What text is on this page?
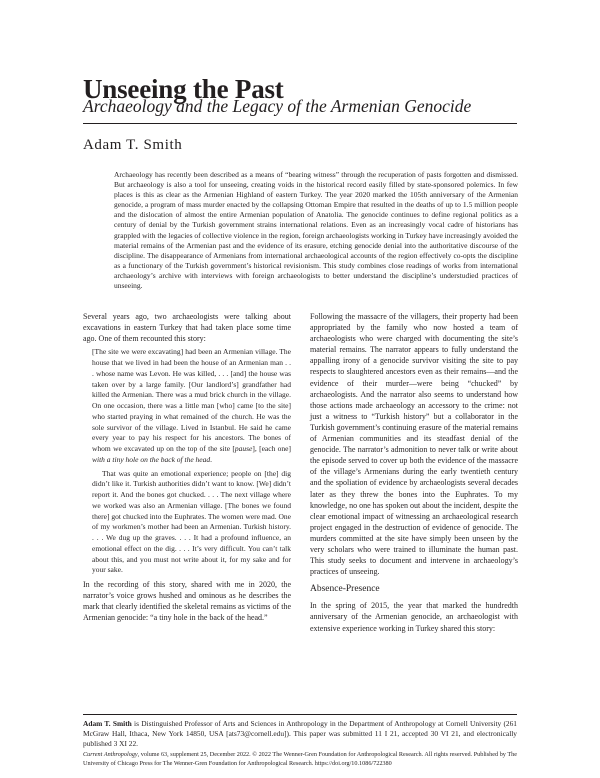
Unseeing the Past
Archaeology and the Legacy of the Armenian Genocide
Adam T. Smith

Archaeology has recently been described as a means of “bearing witness” through the recuperation of pasts forgotten and dismissed. But archaeology is also a tool for unseeing, creating voids in the historical record easily filled by state-sponsored polemics. In few places is this as clear as the Armenian Highland of eastern Turkey. The year 2020 marked the 105th anniversary of the Armenian genocide, a program of mass murder enacted by the collapsing Ottoman Empire that resulted in the deaths of up to 1.5 million people and the dislocation of almost the entire Armenian population of Anatolia. The genocide continues to define regional politics as a century of denial by the Turkish government strains international relations. Even as an increasingly vocal cadre of historians has grappled with the legacies of collective violence in the region, foreign archaeologists working in Turkey have increasingly avoided the material remains of the Armenian past and the evidence of its erasure, etching genocide denial into the authoritative discourse of the discipline. The disappearance of Armenians from international archaeological accounts of the region effectively co-opts the discipline as a functionary of the Turkish government’s historical revisionism. This study combines close readings of works from international archaeology’s archive with interviews with foreign archaeologists to better understand the discipline’s understudied practices of unseeing.

Several years ago, two archaeologists were talking about excavations in eastern Turkey that had taken place some time ago. One of them recounted this story:

[The site we were excavating] had been an Armenian village. The house that we lived in had been the house of an Armenian man . . . whose name was Levon. He was killed, . . . [and] the house was taken over by a large family. [Our landlord’s] grandfather had killed the Armenian. There was a mud brick church in the village. On one occasion, there was a little man [who] came [to the site] who started praying in what remained of the church. He was the sole survivor of the village. Lived in Istanbul. He said he came every year to pay his respect for his ancestors. The bones of whom we excavated up on the top of the site [pause], [each one] with a tiny hole on the back of the head.

That was quite an emotional experience; people on [the] dig didn’t like it. Turkish authorities didn’t want to know. [We] didn’t report it. And the bones got chucked. . . . The next village where we worked was also an Armenian village. [The bones we found there] got chucked into the Euphrates. The women were mad. One of my workmen’s mother had been an Armenian. Turkish history. . . . We dug up the graves. . . . It had a profound influence, an emotional effect on the dig. . . . It’s very difficult. You can’t talk about this, and you must not write about it, for my sake and for your sake.

In the recording of this story, shared with me in 2020, the narrator’s voice grows hushed and ominous as he describes the mark that clearly identified the skeletal remains as victims of the Armenian genocide: “a tiny hole in the back of the head.”

Following the massacre of the villagers, their property had been appropriated by the family who now hosted a team of archaeologists who were charged with documenting the site’s material remains. The narrator appears to fully understand the appalling irony of a genocide survivor visiting the site to pay respects to slaughtered ancestors even as their remains—and the evidence of their murder—were being “chucked” by archaeologists. And the narrator also seems to understand how those actions made archaeology an accessory to the crime: not just a witness to “Turkish history” but a collaborator in the Turkish government’s continuing erasure of the material remains of Armenian communities and its steadfast denial of the genocide. The narrator’s admonition to never talk or write about the episode served to cover up both the evidence of the massacre of the village’s Armenians during the early twentieth century and the spoliation of evidence by archaeologists several decades later as they threw the bones into the Euphrates. To my knowledge, no one has spoken out about the incident, despite the clear emotional impact of witnessing an archaeological research project engaged in the destruction of evidence of genocide. The murders committed at the site have simply been unseen by the very scholars who were trained to illuminate the human past. This study seeks to document and intervene in archaeology’s practices of unseeing.

Absence-Presence

In the spring of 2015, the year that marked the hundredth anniversary of the Armenian genocide, an archaeologist with extensive experience working in Turkey shared this story:

Adam T. Smith is Distinguished Professor of Arts and Sciences in Anthropology in the Department of Anthropology at Cornell University (261 McGraw Hall, Ithaca, New York 14850, USA [ats73@cornell.edu]). This paper was submitted 11 I 21, accepted 30 VI 21, and electronically published 3 XI 22.

Current Anthropology, volume 63, supplement 25, December 2022. © 2022 The Wenner-Gren Foundation for Anthropological Research. All rights reserved. Published by The University of Chicago Press for The Wenner-Gren Foundation for Anthropological Research. https://doi.org/10.1086/722380
